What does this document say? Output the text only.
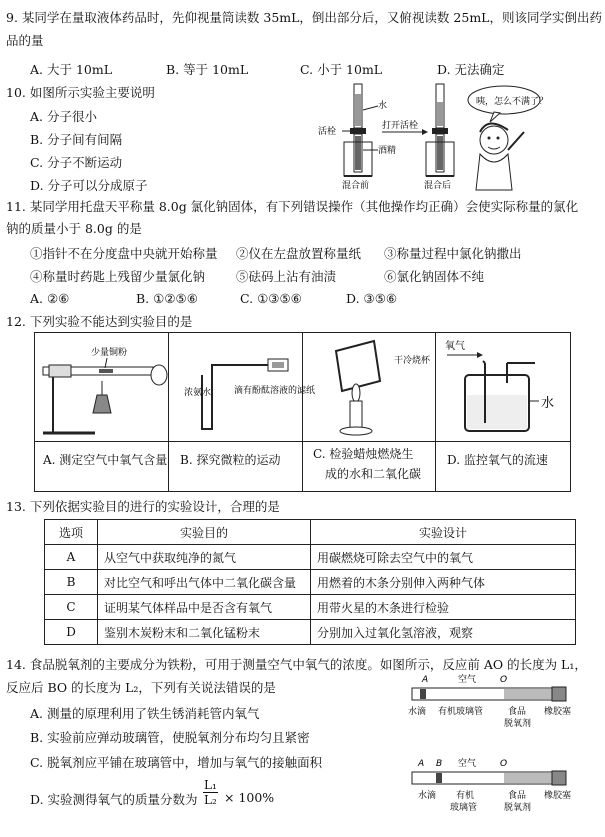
9. 某同学在量取液体药品时，先仰视量筒读数 35mL，倒出部分后，又俯视读数 25mL，则该同学实倒出药
品的量
A. 大于 10mL	B. 等于 10mL	C. 小于 10mL	D. 无法确定
10. 如图所示实验主要说明
A. 分子很小
B. 分子间有间隔
C. 分子不断运动
D. 分子可以分成原子
水
活栓
酒精
混合前
打开活栓
混合后
咦，怎么不满了？
11. 某同学用托盘天平称量 8.0g 氯化钠固体，有下列错误操作（其他操作均正确）会使实际称量的氯化
钠的质量小于 8.0g 的是
①指针不在分度盘中央就开始称量 ②仪在左盘放置称量纸 ③称量过程中氯化钠撒出
④称量时药匙上残留少量氯化钠 ⑤砝码上沾有油渍	⑥氯化钠固体不纯
A. ②⑥	B. ①②⑤⑥	C. ①③⑤⑥	D. ③⑤⑥
12. 下列实验不能达到实验目的是
少量铜粉
浓氨水	滴有酚酞溶液的滤纸
干冷烧杯
氧气
水
A. 测定空气中氧气含量 B. 探究微粒的运动	C. 检验蜡烛燃烧生
成的水和二氧化碳
D. 监控氧气的流速
13. 下列依据实验目的进行的实验设计，合理的是
选项	实验目的	实验设计
A	从空气中获取纯净的氮气	用碳燃烧可除去空气中的氧气
B	对比空气和呼出气体中二氧化碳含量	用燃着的木条分别伸入两种气体
C	证明某气体样品中是否含有氧气	用带火星的木条进行检验
D	鉴别木炭粉末和二氧化锰粉末	分别加入过氧化氢溶液，观察
14. 食品脱氧剂的主要成分为铁粉，可用于测量空气中氧气的浓度。如图所示，反应前 AO 的长度为 L₁，
反应后 BO 的长度为 L₂，下列有关说法错误的是
A. 测量的原理利用了铁生锈消耗管内氧气
B. 实验前应弹动玻璃管，使脱氧剂分布均匀且紧密
C. 脱氧剂应平铺在玻璃管中，增加与氧气的接触面积
D. 实验测得氧气的质量分数为 $\frac{\text{L₁}}{\text{L₂}} \times 100\%$
空气
A	O
水滴 有机玻璃管	食品
脱氧剂
橡胶塞
空气
A B	O
水滴 有机
玻璃管
食品
脱氧剂
橡胶塞
